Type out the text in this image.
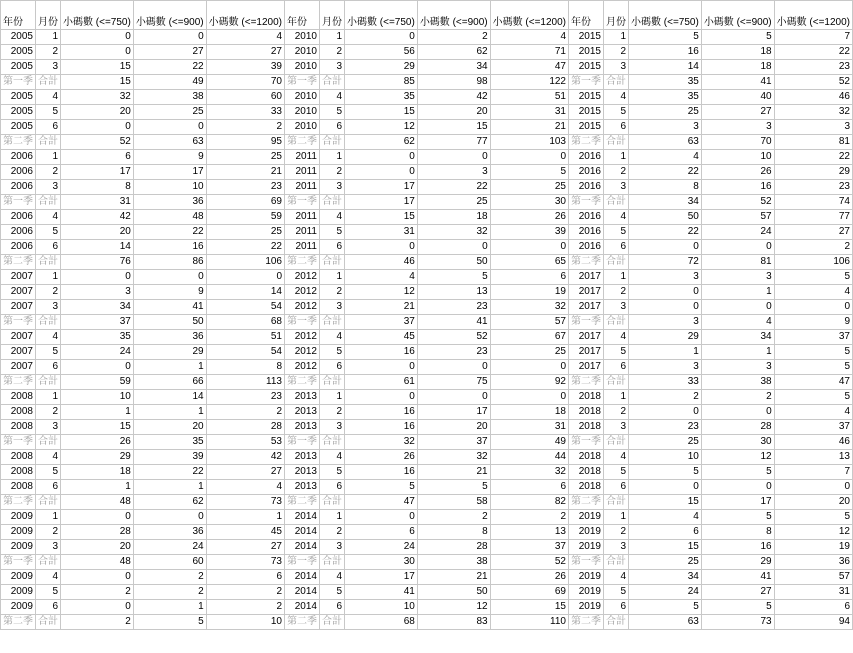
年份	月份	小碼數 (<=750)	小碼數 (<=900)	小碼數 (<=1200)	年份	月份	小碼數 (<=750)	小碼數 (<=900)	小碼數 (<=1200)	年份	月份	小碼數 (<=750)	小碼數 (<=900)	小碼數 (<=1200)
2005	1	0	0	4	2010	1	0	2	4	2015	1	5	5	7
2005	2	0	27	27	2010	2	56	62	71	2015	2	16	18	22
2005	3	15	22	39	2010	3	29	34	47	2015	3	14	18	23
第一季	合計	15	49	70	第一季	合計	85	98	122	第一季	合計	35	41	52
2005	4	32	38	60	2010	4	35	42	51	2015	4	35	40	46
2005	5	20	25	33	2010	5	15	20	31	2015	5	25	27	32
2005	6	0	0	2	2010	6	12	15	21	2015	6	3	3	3
第二季	合計	52	63	95	第二季	合計	62	77	103	第二季	合計	63	70	81
2006	1	6	9	25	2011	1	0	0	0	2016	1	4	10	22
2006	2	17	17	21	2011	2	0	3	5	2016	2	22	26	29
2006	3	8	10	23	2011	3	17	22	25	2016	3	8	16	23
第一季	合計	31	36	69	第一季	合計	17	25	30	第一季	合計	34	52	74
2006	4	42	48	59	2011	4	15	18	26	2016	4	50	57	77
2006	5	20	22	25	2011	5	31	32	39	2016	5	22	24	27
2006	6	14	16	22	2011	6	0	0	0	2016	6	0	0	2
第二季	合計	76	86	106	第二季	合計	46	50	65	第二季	合計	72	81	106
2007	1	0	0	0	2012	1	4	5	6	2017	1	3	3	5
2007	2	3	9	14	2012	2	12	13	19	2017	2	0	1	4
2007	3	34	41	54	2012	3	21	23	32	2017	3	0	0	0
第一季	合計	37	50	68	第一季	合計	37	41	57	第一季	合計	3	4	9
2007	4	35	36	51	2012	4	45	52	67	2017	4	29	34	37
2007	5	24	29	54	2012	5	16	23	25	2017	5	1	1	5
2007	6	0	1	8	2012	6	0	0	0	2017	6	3	3	5
第二季	合計	59	66	113	第二季	合計	61	75	92	第二季	合計	33	38	47
2008	1	10	14	23	2013	1	0	0	0	2018	1	2	2	5
2008	2	1	1	2	2013	2	16	17	18	2018	2	0	0	4
2008	3	15	20	28	2013	3	16	20	31	2018	3	23	28	37
第一季	合計	26	35	53	第一季	合計	32	37	49	第一季	合計	25	30	46
2008	4	29	39	42	2013	4	26	32	44	2018	4	10	12	13
2008	5	18	22	27	2013	5	16	21	32	2018	5	5	5	7
2008	6	1	1	4	2013	6	5	5	6	2018	6	0	0	0
第二季	合計	48	62	73	第二季	合計	47	58	82	第二季	合計	15	17	20
2009	1	0	0	1	2014	1	0	2	2	2019	1	4	5	5
2009	2	28	36	45	2014	2	6	8	13	2019	2	6	8	12
2009	3	20	24	27	2014	3	24	28	37	2019	3	15	16	19
第一季	合計	48	60	73	第一季	合計	30	38	52	第一季	合計	25	29	36
2009	4	0	2	6	2014	4	17	21	26	2019	4	34	41	57
2009	5	2	2	2	2014	5	41	50	69	2019	5	24	27	31
2009	6	0	1	2	2014	6	10	12	15	2019	6	5	5	6
第二季	合計	2	5	10	第二季	合計	68	83	110	第二季	合計	63	73	94
